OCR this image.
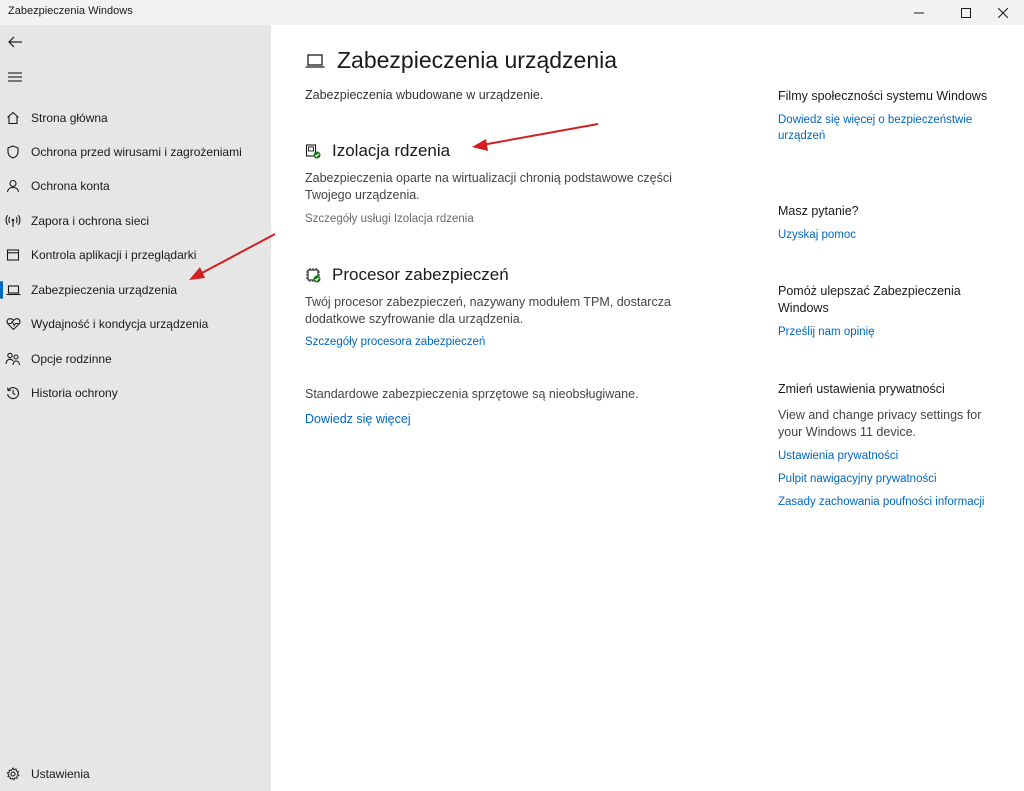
Zabezpieczenia Windows
Strona główna
Ochrona przed wirusami i zagrożeniami
Ochrona konta
Zapora i ochrona sieci
Kontrola aplikacji i przeglądarki
Zabezpieczenia urządzenia
Wydajność i kondycja urządzenia
Opcje rodzinne
Historia ochrony
Ustawienia
Zabezpieczenia urządzenia
Zabezpieczenia wbudowane w urządzenie.
Izolacja rdzenia
Zabezpieczenia oparte na wirtualizacji chronią podstawowe części Twojego urządzenia.
Szczegóły usługi Izolacja rdzenia
Procesor zabezpieczeń
Twój procesor zabezpieczeń, nazywany modułem TPM, dostarcza dodatkowe szyfrowanie dla urządzenia.
Szczegóły procesora zabezpieczeń
Standardowe zabezpieczenia sprzętowe są nieobsługiwane.
Dowiedz się więcej
Filmy społeczności systemu Windows
Dowiedz się więcej o bezpieczeństwie urządzeń
Masz pytanie?
Uzyskaj pomoc
Pomóż ulepszać Zabezpieczenia Windows
Prześlij nam opinię
Zmień ustawienia prywatności
View and change privacy settings for your Windows 11 device.
Ustawienia prywatności
Pulpit nawigacyjny prywatności
Zasady zachowania poufności informacji
